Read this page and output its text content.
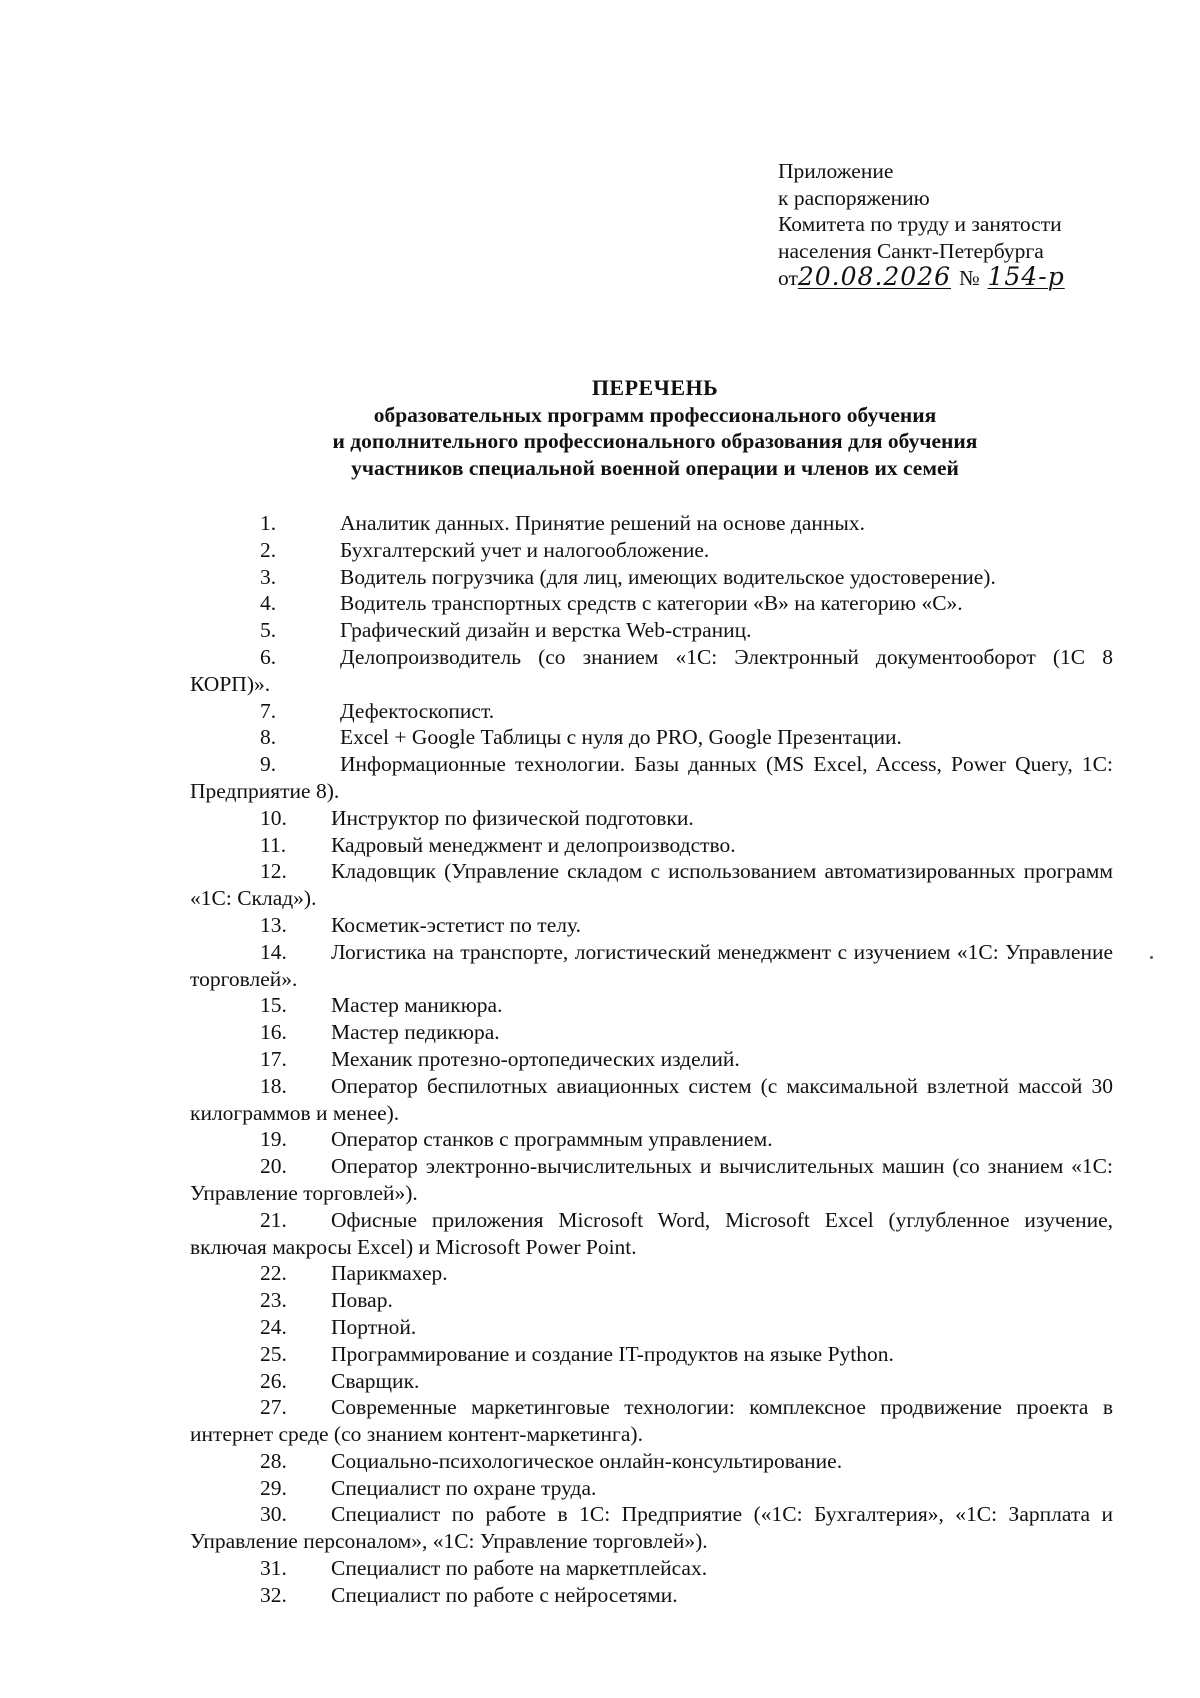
Приложение
к распоряжению
Комитета по труду и занятости
населения Санкт-Петербурга
от20.08.2026 № 154-р
ПЕРЕЧЕНЬ
образовательных программ профессионального обучения
и дополнительного профессионального образования для обучения
участников специальной военной операции и членов их семей

1.	Аналитик данных. Принятие решений на основе данных.

2.	Бухгалтерский учет и налогообложение.

3.	Водитель погрузчика (для лиц, имеющих водительское удостоверение).

4.	Водитель транспортных средств с категории «В» на категорию «С».

5.	Графический дизайн и верстка Web-страниц.

6.	Делопроизводитель (со знанием «1С: Электронный документооборот (1С 8 КОРП)».

7.	Дефектоскопист.

8.	Excel + Google Таблицы с нуля до PRO, Google Презентации.

9.	Информационные технологии. Базы данных (MS Excel, Access, Power Query, 1С: Предприятие 8).

10. Инструктор по физической подготовки.

11. Кадровый менеджмент и делопроизводство.

12. Кладовщик (Управление складом с использованием автоматизированных программ «1С: Склад»).

13. Косметик-эстетист по телу.

14. Логистика на транспорте, логистический менеджмент с изучением «1С: Управление торговлей».

15. Мастер маникюра.

16. Мастер педикюра.

17. Механик протезно-ортопедических изделий.

18. Оператор беспилотных авиационных систем (с максимальной взлетной массой 30 килограммов и менее).

19. Оператор станков с программным управлением.

20. Оператор электронно-вычислительных и вычислительных машин (со знанием «1С: Управление торговлей»).

21. Офисные приложения Microsoft Word, Microsoft Excel (углубленное изучение, включая макросы Excel) и Microsoft Power Point.

22. Парикмахер.

23. Повар.

24. Портной.

25. Программирование и создание IT-продуктов на языке Python.

26. Сварщик.

27. Современные маркетинговые технологии: комплексное продвижение проекта в интернет среде (со знанием контент-маркетинга).

28. Социально-психологическое онлайн-консультирование.

29. Специалист по охране труда.

30. Специалист по работе в 1С: Предприятие («1С: Бухгалтерия», «1С: Зарплата и Управление персоналом», «1С: Управление торговлей»).

31. Специалист по работе на маркетплейсах.

32. Специалист по работе с нейросетями.
